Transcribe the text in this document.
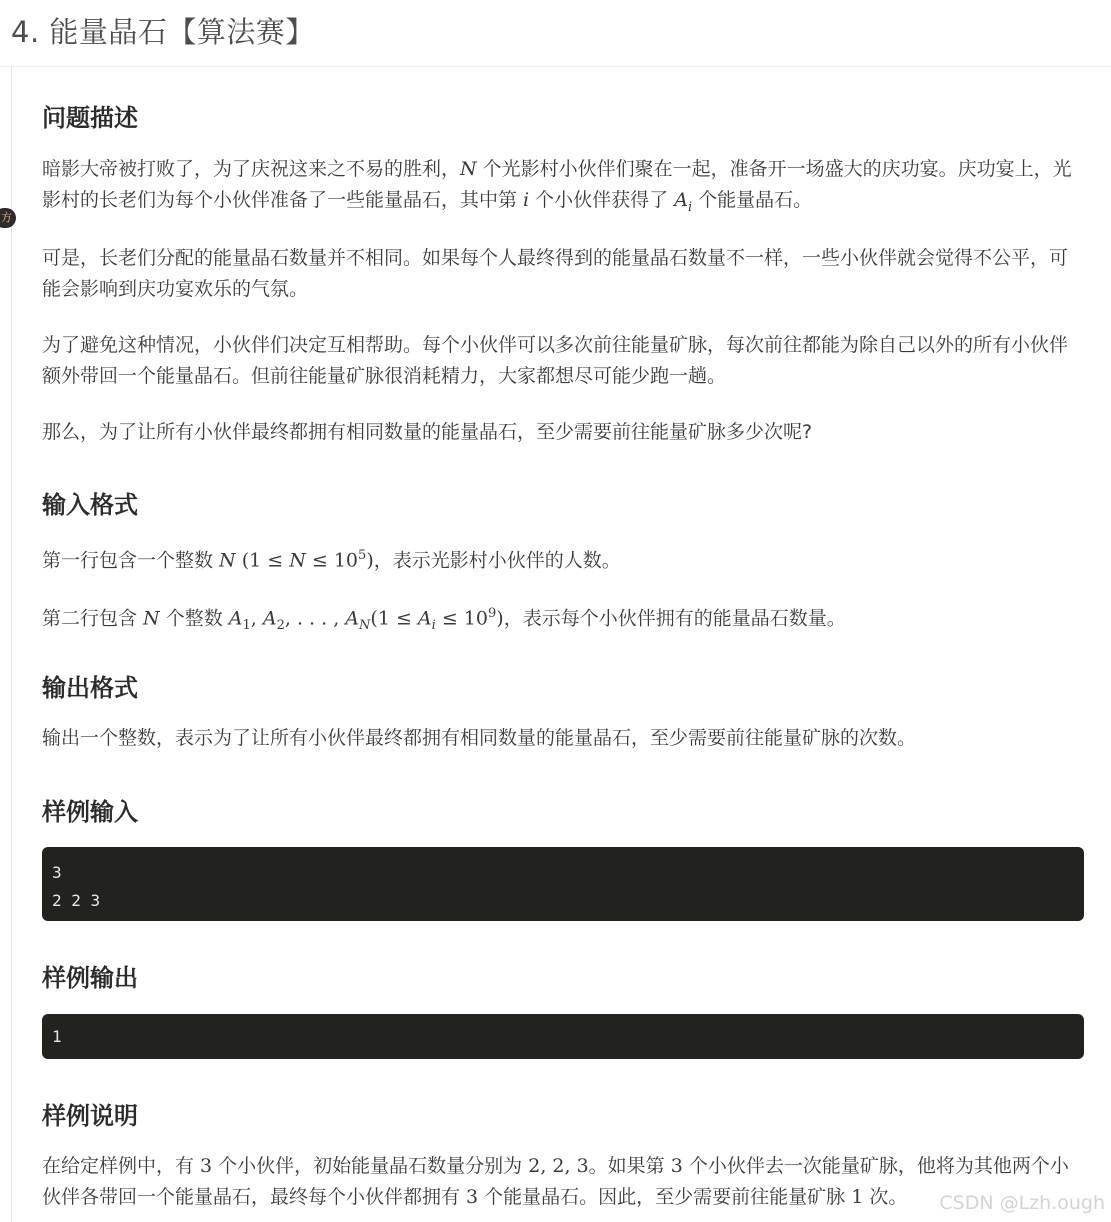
4. 能量晶石【算法赛】
方
问题描述

暗影大帝被打败了，为了庆祝这来之不易的胜利，N 个光影村小伙伴们聚在一起，准备开一场盛大的庆功宴。庆功宴上，光影村的长老们为每个小伙伴准备了一些能量晶石，其中第 i 个小伙伴获得了 $A_i$ 个能量晶石。

可是，长老们分配的能量晶石数量并不相同。如果每个人最终得到的能量晶石数量不一样，一些小伙伴就会觉得不公平，可能会影响到庆功宴欢乐的气氛。

为了避免这种情况，小伙伴们决定互相帮助。每个小伙伴可以多次前往能量矿脉，每次前往都能为除自己以外的所有小伙伴额外带回一个能量晶石。但前往能量矿脉很消耗精力，大家都想尽可能少跑一趟。

那么，为了让所有小伙伴最终都拥有相同数量的能量晶石，至少需要前往能量矿脉多少次呢?

输入格式

第一行包含一个整数 N $(1 \le N \le 10^5)$，表示光影村小伙伴的人数。

第二行包含 N 个整数 $A_1$, $A_2$, . . . , $A_N(1 \le A_i \le 10^9)$，表示每个小伙伴拥有的能量晶石数量。

输出格式

输出一个整数，表示为了让所有小伙伴最终都拥有相同数量的能量晶石，至少需要前往能量矿脉的次数。

样例输入
3
2 2 3
样例输出
1
样例说明

在给定样例中，有 3 个小伙伴，初始能量晶石数量分别为 2, 2, 3。如果第 3 个小伙伴去一次能量矿脉，他将为其他两个小伙伴各带回一个能量晶石，最终每个小伙伴都拥有 3 个能量晶石。因此，至少需要前往能量矿脉 1 次。	CSDN @Lzh.ough
